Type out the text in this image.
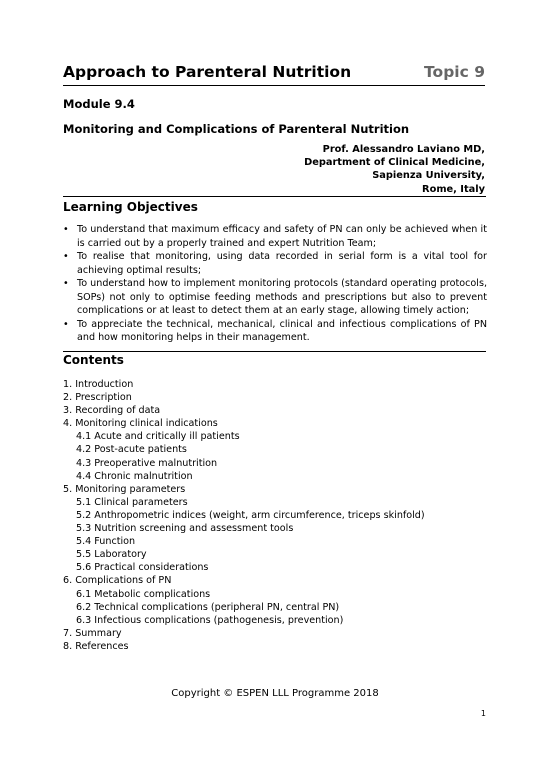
Approach to Parenteral Nutrition	Topic 9
Module 9.4
Monitoring and Complications of Parenteral Nutrition
Prof. Alessandro Laviano MD,
Department of Clinical Medicine,
Sapienza University,
Rome, Italy
Learning Objectives
• To understand that maximum efficacy and safety of PN can only be achieved when it is carried out by a properly trained and expert Nutrition Team;
• To realise that monitoring, using data recorded in serial form is a vital tool for achieving optimal results;
• To understand how to implement monitoring protocols (standard operating protocols, SOPs) not only to optimise feeding methods and prescriptions but also to prevent complications or at least to detect them at an early stage, allowing timely action;
• To appreciate the technical, mechanical, clinical and infectious complications of PN and how monitoring helps in their management.
Contents
1. Introduction
2. Prescription
3. Recording of data
4. Monitoring clinical indications
4.1 Acute and critically ill patients
4.2 Post-acute patients
4.3 Preoperative malnutrition
4.4 Chronic malnutrition
5. Monitoring parameters
5.1 Clinical parameters
5.2 Anthropometric indices (weight, arm circumference, triceps skinfold)
5.3 Nutrition screening and assessment tools
5.4 Function
5.5 Laboratory
5.6 Practical considerations
6. Complications of PN
6.1 Metabolic complications
6.2 Technical complications (peripheral PN, central PN)
6.3 Infectious complications (pathogenesis, prevention)
7. Summary
8. References
Copyright © ESPEN LLL Programme 2018
1
